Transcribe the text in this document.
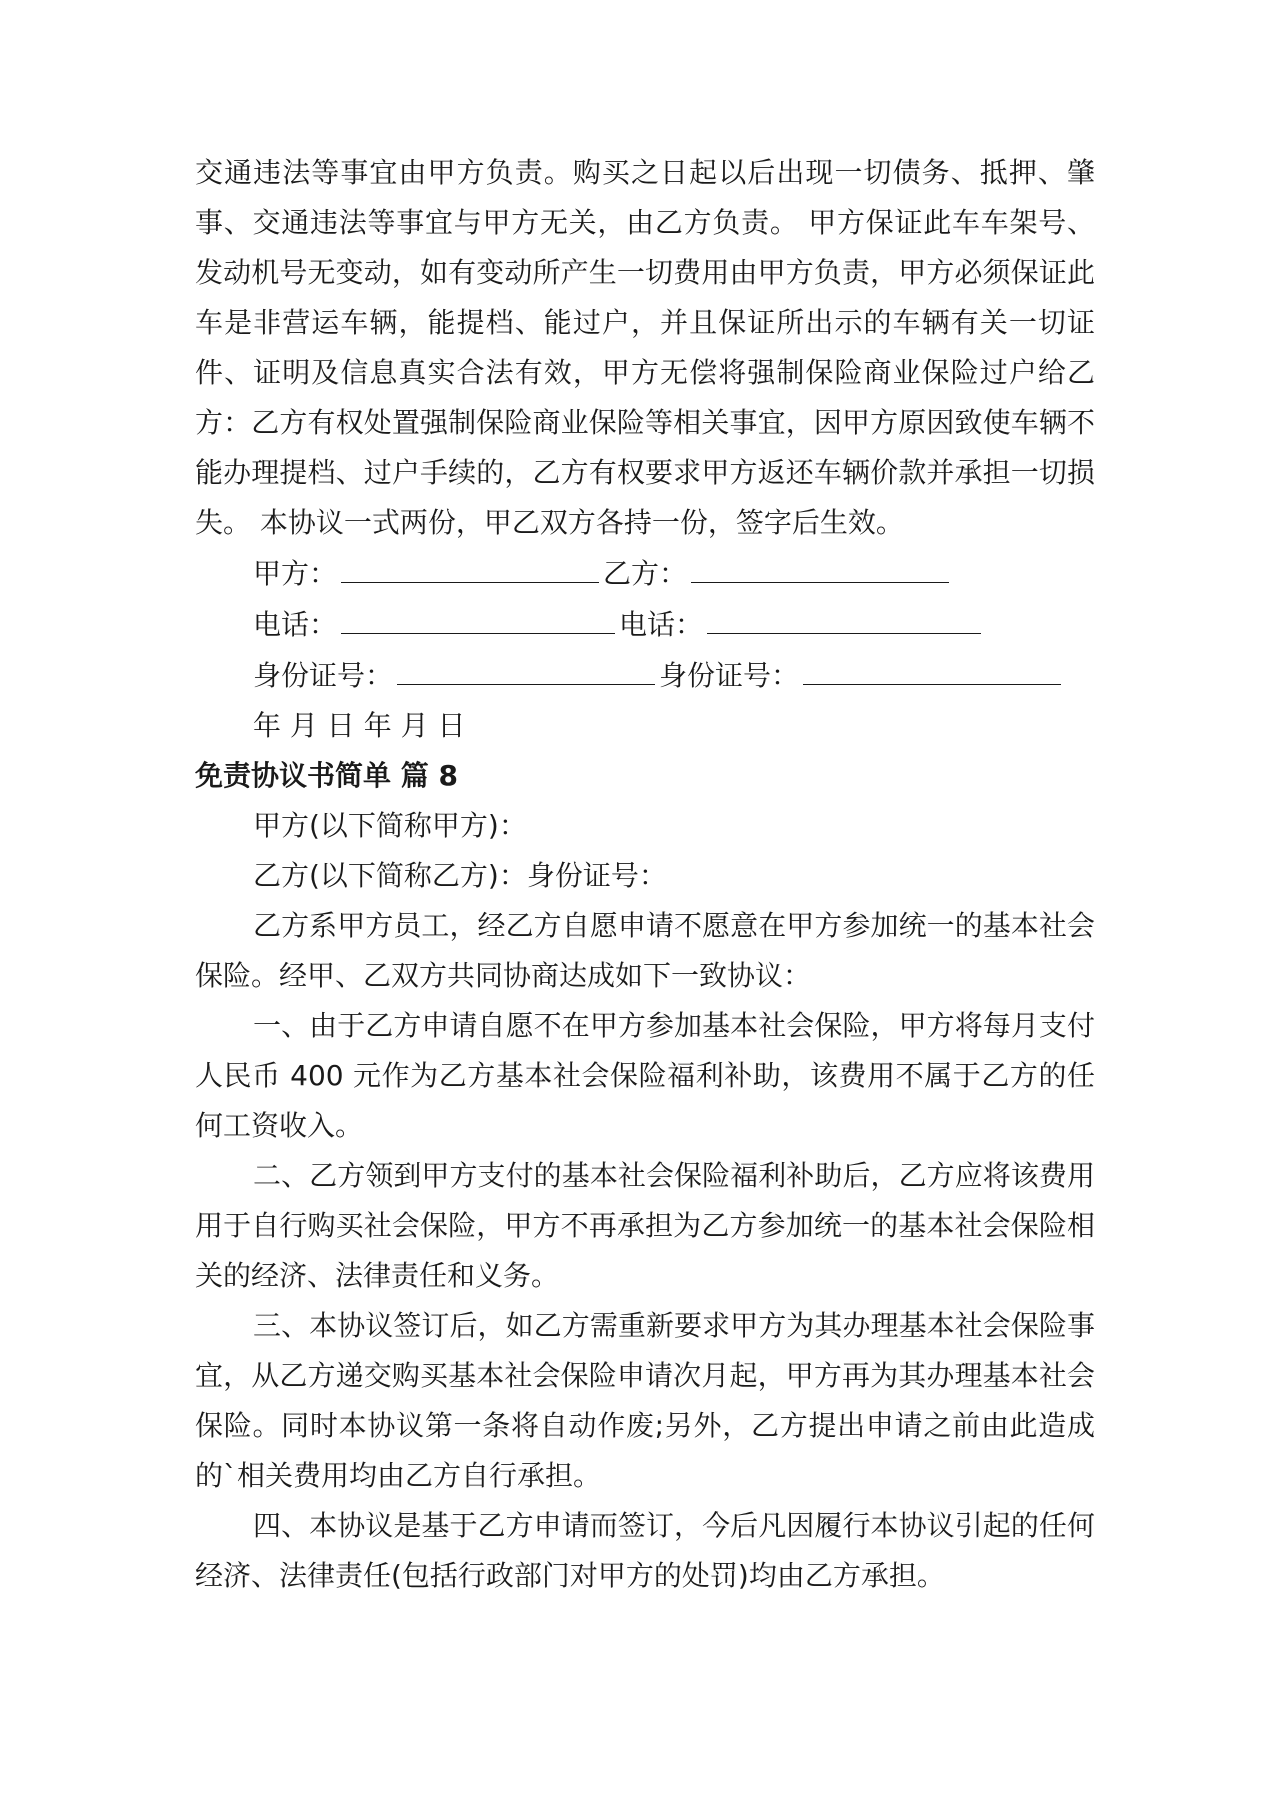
交通违法等事宜由甲方负责。购买之日起以后出现一切债务、抵押、肇事、交通违法等事宜与甲方无关，由乙方负责。 甲方保证此车车架号、发动机号无变动，如有变动所产生一切费用由甲方负责，甲方必须保证此车是非营运车辆，能提档、能过户，并且保证所出示的车辆有关一切证件、证明及信息真实合法有效，甲方无偿将强制保险商业保险过户给乙方：乙方有权处置强制保险商业保险等相关事宜，因甲方原因致使车辆不能办理提档、过户手续的，乙方有权要求甲方返还车辆价款并承担一切损失。 本协议一式两份，甲乙双方各持一份，签字后生效。

甲方：	乙方：

电话：	电话：

身份证号：	身份证号：

年 月 日 年 月 日

免责协议书简单 篇 8

甲方(以下简称甲方)：

乙方(以下简称乙方)：身份证号：

乙方系甲方员工，经乙方自愿申请不愿意在甲方参加统一的基本社会保险。经甲、乙双方共同协商达成如下一致协议：

一、由于乙方申请自愿不在甲方参加基本社会保险，甲方将每月支付人民币 400 元作为乙方基本社会保险福利补助，该费用不属于乙方的任何工资收入。

二、乙方领到甲方支付的基本社会保险福利补助后，乙方应将该费用用于自行购买社会保险，甲方不再承担为乙方参加统一的基本社会保险相关的经济、法律责任和义务。

三、本协议签订后，如乙方需重新要求甲方为其办理基本社会保险事宜，从乙方递交购买基本社会保险申请次月起，甲方再为其办理基本社会保险。同时本协议第一条将自动作废;另外，乙方提出申请之前由此造成的`相关费用均由乙方自行承担。

四、本协议是基于乙方申请而签订，今后凡因履行本协议引起的任何经济、法律责任(包括行政部门对甲方的处罚)均由乙方承担。
